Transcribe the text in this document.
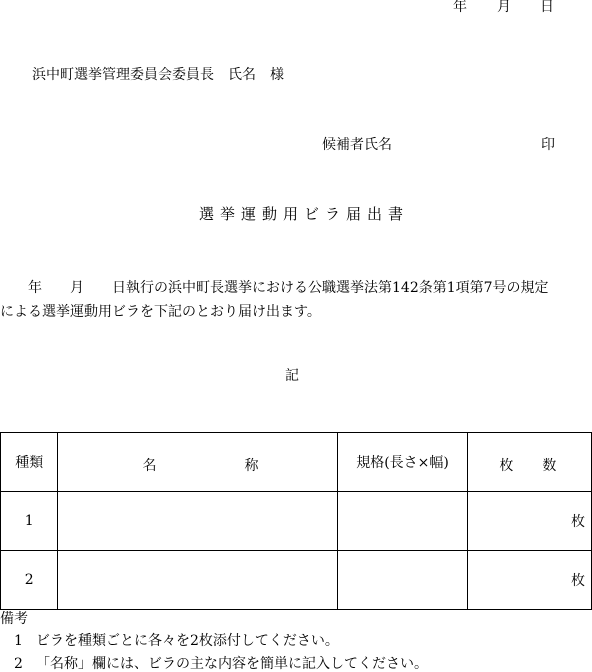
年 月 日
浜中町選挙管理委員会委員長　氏名　様
候補者氏名	印
選挙運動用ビラ届出書
　　年　　月　　日執行の浜中町長選挙における公職選挙法第142条第1項第7号の規定
による選挙運動用ビラを下記のとおり届け出ます。
記
種類	名 称	規格(長さ×幅)	枚 数

1			枚
2			枚
備考
1 ビラを種類ごとに各々を2枚添付してください。
2 「名称」欄には、ビラの主な内容を簡単に記入してください。
